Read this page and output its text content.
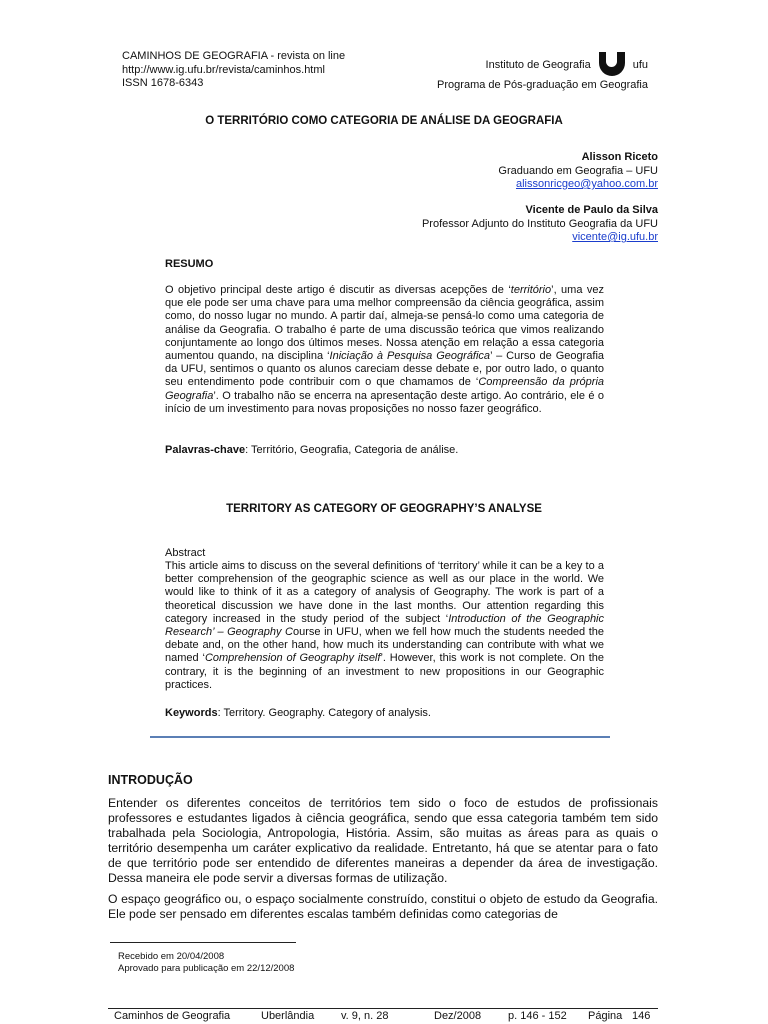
CAMINHOS DE GEOGRAFIA - revista on line
http://www.ig.ufu.br/revista/caminhos.html
ISSN 1678-6343
Instituto de Geografia	ufu
Programa de Pós-graduação em Geografia
O TERRITÓRIO COMO CATEGORIA DE ANÁLISE DA GEOGRAFIA
Alisson Riceto
Graduando em Geografia – UFU
alissonricgeo@yahoo.com.br
Vicente de Paulo da Silva
Professor Adjunto do Instituto Geografia da UFU
vicente@ig.ufu.br
RESUMO
O objetivo principal deste artigo é discutir as diversas acepções de ‘território’, uma vez que ele pode ser uma chave para uma melhor compreensão da ciência geográfica, assim como, do nosso lugar no mundo. A partir daí, almeja-se pensá-lo como uma categoria de análise da Geografia. O trabalho é parte de uma discussão teórica que vimos realizando conjuntamente ao longo dos últimos meses. Nossa atenção em relação a essa categoria aumentou quando, na disciplina ‘Iniciação à Pesquisa Geográfica’ – Curso de Geografia da UFU, sentimos o quanto os alunos careciam desse debate e, por outro lado, o quanto seu entendimento pode contribuir com o que chamamos de ‘Compreensão da própria Geografia’. O trabalho não se encerra na apresentação deste artigo. Ao contrário, ele é o início de um investimento para novas proposições no nosso fazer geográfico.
Palavras-chave: Território, Geografia, Categoria de análise.
TERRITORY AS CATEGORY OF GEOGRAPHY’S ANALYSE
Abstract
This article aims to discuss on the several definitions of ‘territory’ while it can be a key to a better comprehension of the geographic science as well as our place in the world. We would like to think of it as a category of analysis of Geography. The work is part of a theoretical discussion we have done in the last months. Our attention regarding this category increased in the study period of the subject ‘Introduction of the Geographic Research’ – Geography Course in UFU, when we fell how much the students needed the debate and, on the other hand, how much its understanding can contribute with what we named ‘Comprehension of Geography itself’. However, this work is not complete. On the contrary, it is the beginning of an investment to new propositions in our Geographic practices.
Keywords: Territory. Geography. Category of analysis.
INTRODUÇÃO
Entender os diferentes conceitos de territórios tem sido o foco de estudos de profissionais professores e estudantes ligados à ciência geográfica, sendo que essa categoria também tem sido trabalhada pela Sociologia, Antropologia, História. Assim, são muitas as áreas para as quais o território desempenha um caráter explicativo da realidade. Entretanto, há que se atentar para o fato de que território pode ser entendido de diferentes maneiras a depender da área de investigação. Dessa maneira ele pode servir a diversas formas de utilização.
O espaço geográfico ou, o espaço socialmente construído, constitui o objeto de estudo da Geografia. Ele pode ser pensado em diferentes escalas também definidas como categorias de
Recebido em 20/04/2008
Aprovado para publicação em 22/12/2008
Caminhos de Geografia	Uberlândia	v. 9, n. 28	Dez/2008	p. 146 - 152	Página 146
